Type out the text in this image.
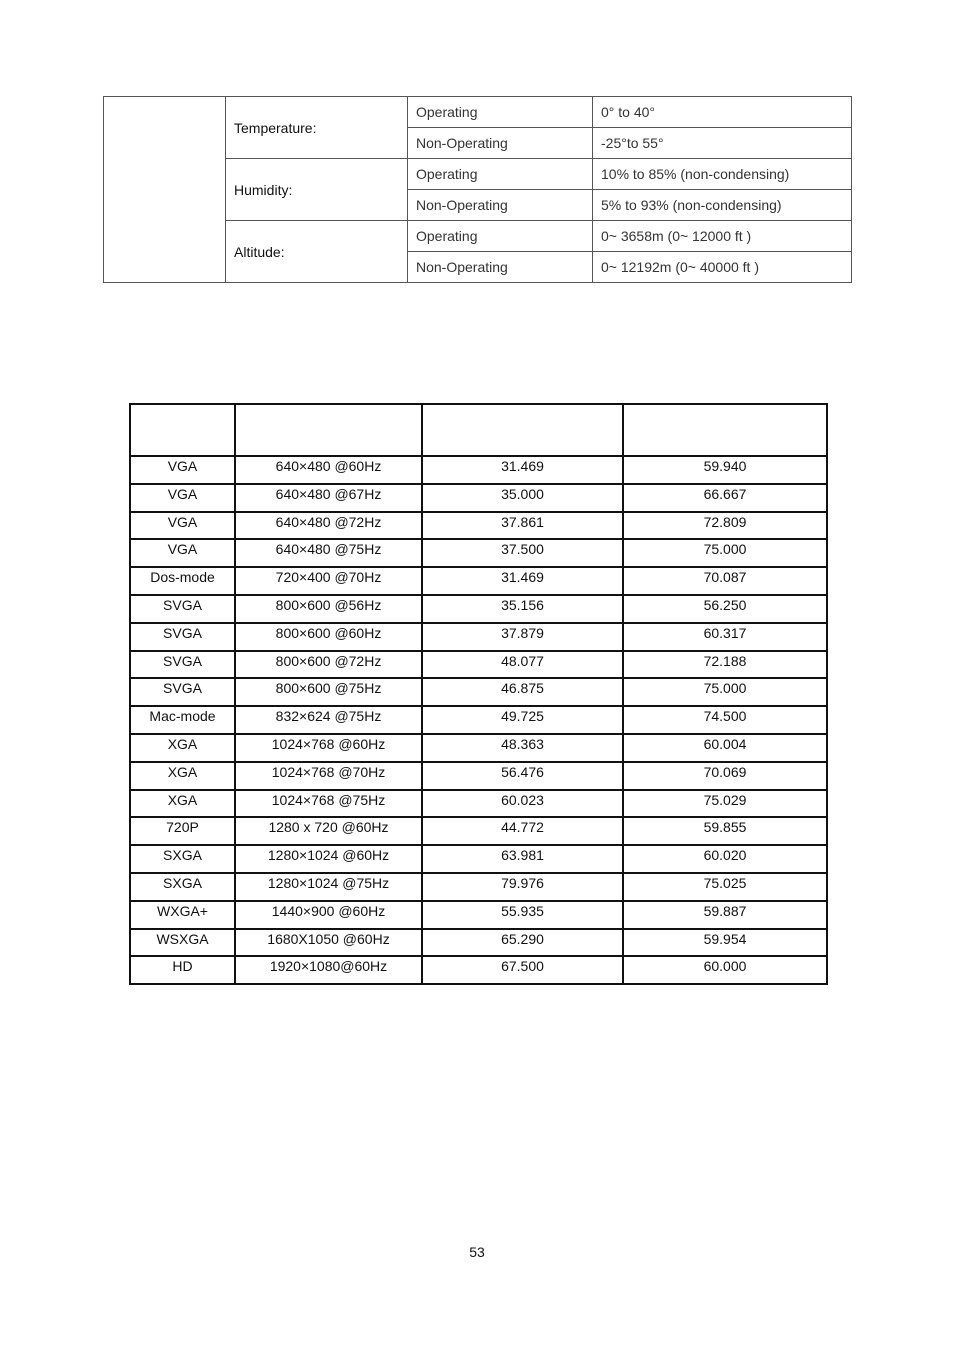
	Temperature:	Operating	0° to 40°
		Non-Operating	-25°to 55°
	Humidity:	Operating	10% to 85% (non-condensing)
		Non-Operating	5% to 93% (non-condensing)
	Altitude:	Operating	0~ 3658m (0~ 12000 ft )
		Non-Operating	0~ 12192m (0~ 40000 ft )

VGA	640×480 @60Hz	31.469	59.940
VGA	640×480 @67Hz	35.000	66.667
VGA	640×480 @72Hz	37.861	72.809
VGA	640×480 @75Hz	37.500	75.000
Dos-mode	720×400 @70Hz	31.469	70.087
SVGA	800×600 @56Hz	35.156	56.250
SVGA	800×600 @60Hz	37.879	60.317
SVGA	800×600 @72Hz	48.077	72.188
SVGA	800×600 @75Hz	46.875	75.000
Mac-mode	832×624 @75Hz	49.725	74.500
XGA	1024×768 @60Hz	48.363	60.004
XGA	1024×768 @70Hz	56.476	70.069
XGA	1024×768 @75Hz	60.023	75.029
720P	1280 x 720 @60Hz	44.772	59.855
SXGA	1280×1024 @60Hz	63.981	60.020
SXGA	1280×1024 @75Hz	79.976	75.025
WXGA+	1440×900 @60Hz	55.935	59.887
WSXGA	1680X1050 @60Hz	65.290	59.954
HD	1920×1080@60Hz	67.500	60.000
53
